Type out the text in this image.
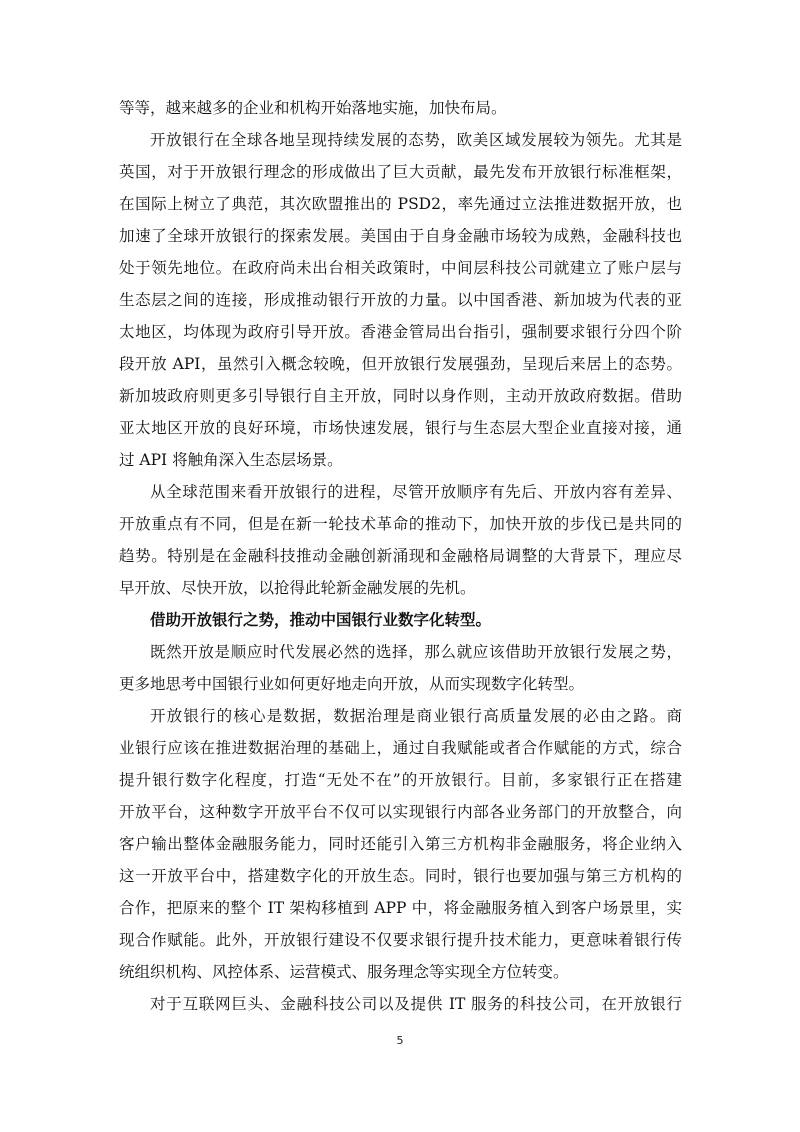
等等，越来越多的企业和机构开始落地实施，加快布局。
开放银行在全球各地呈现持续发展的态势，欧美区域发展较为领先。尤其是
英国，对于开放银行理念的形成做出了巨大贡献，最先发布开放银行标准框架，
在国际上树立了典范，其次欧盟推出的 PSD2，率先通过立法推进数据开放，也
加速了全球开放银行的探索发展。美国由于自身金融市场较为成熟，金融科技也
处于领先地位。在政府尚未出台相关政策时，中间层科技公司就建立了账户层与
生态层之间的连接，形成推动银行开放的力量。以中国香港、新加坡为代表的亚
太地区，均体现为政府引导开放。香港金管局出台指引，强制要求银行分四个阶
段开放 API，虽然引入概念较晚，但开放银行发展强劲，呈现后来居上的态势。
新加坡政府则更多引导银行自主开放，同时以身作则，主动开放政府数据。借助
亚太地区开放的良好环境，市场快速发展，银行与生态层大型企业直接对接，通
过 API 将触角深入生态层场景。
从全球范围来看开放银行的进程，尽管开放顺序有先后、开放内容有差异、
开放重点有不同，但是在新一轮技术革命的推动下，加快开放的步伐已是共同的
趋势。特别是在金融科技推动金融创新涌现和金融格局调整的大背景下，理应尽
早开放、尽快开放，以抢得此轮新金融发展的先机。
借助开放银行之势，推动中国银行业数字化转型。
既然开放是顺应时代发展必然的选择，那么就应该借助开放银行发展之势，
更多地思考中国银行业如何更好地走向开放，从而实现数字化转型。
开放银行的核心是数据，数据治理是商业银行高质量发展的必由之路。商
业银行应该在推进数据治理的基础上，通过自我赋能或者合作赋能的方式，综合
提升银行数字化程度，打造“无处不在”的开放银行。目前，多家银行正在搭建
开放平台，这种数字开放平台不仅可以实现银行内部各业务部门的开放整合，向
客户输出整体金融服务能力，同时还能引入第三方机构非金融服务，将企业纳入
这一开放平台中，搭建数字化的开放生态。同时，银行也要加强与第三方机构的
合作，把原来的整个 IT 架构移植到 APP 中，将金融服务植入到客户场景里，实
现合作赋能。此外，开放银行建设不仅要求银行提升技术能力，更意味着银行传
统组织机构、风控体系、运营模式、服务理念等实现全方位转变。
对于互联网巨头、金融科技公司以及提供 IT 服务的科技公司，在开放银行
5
